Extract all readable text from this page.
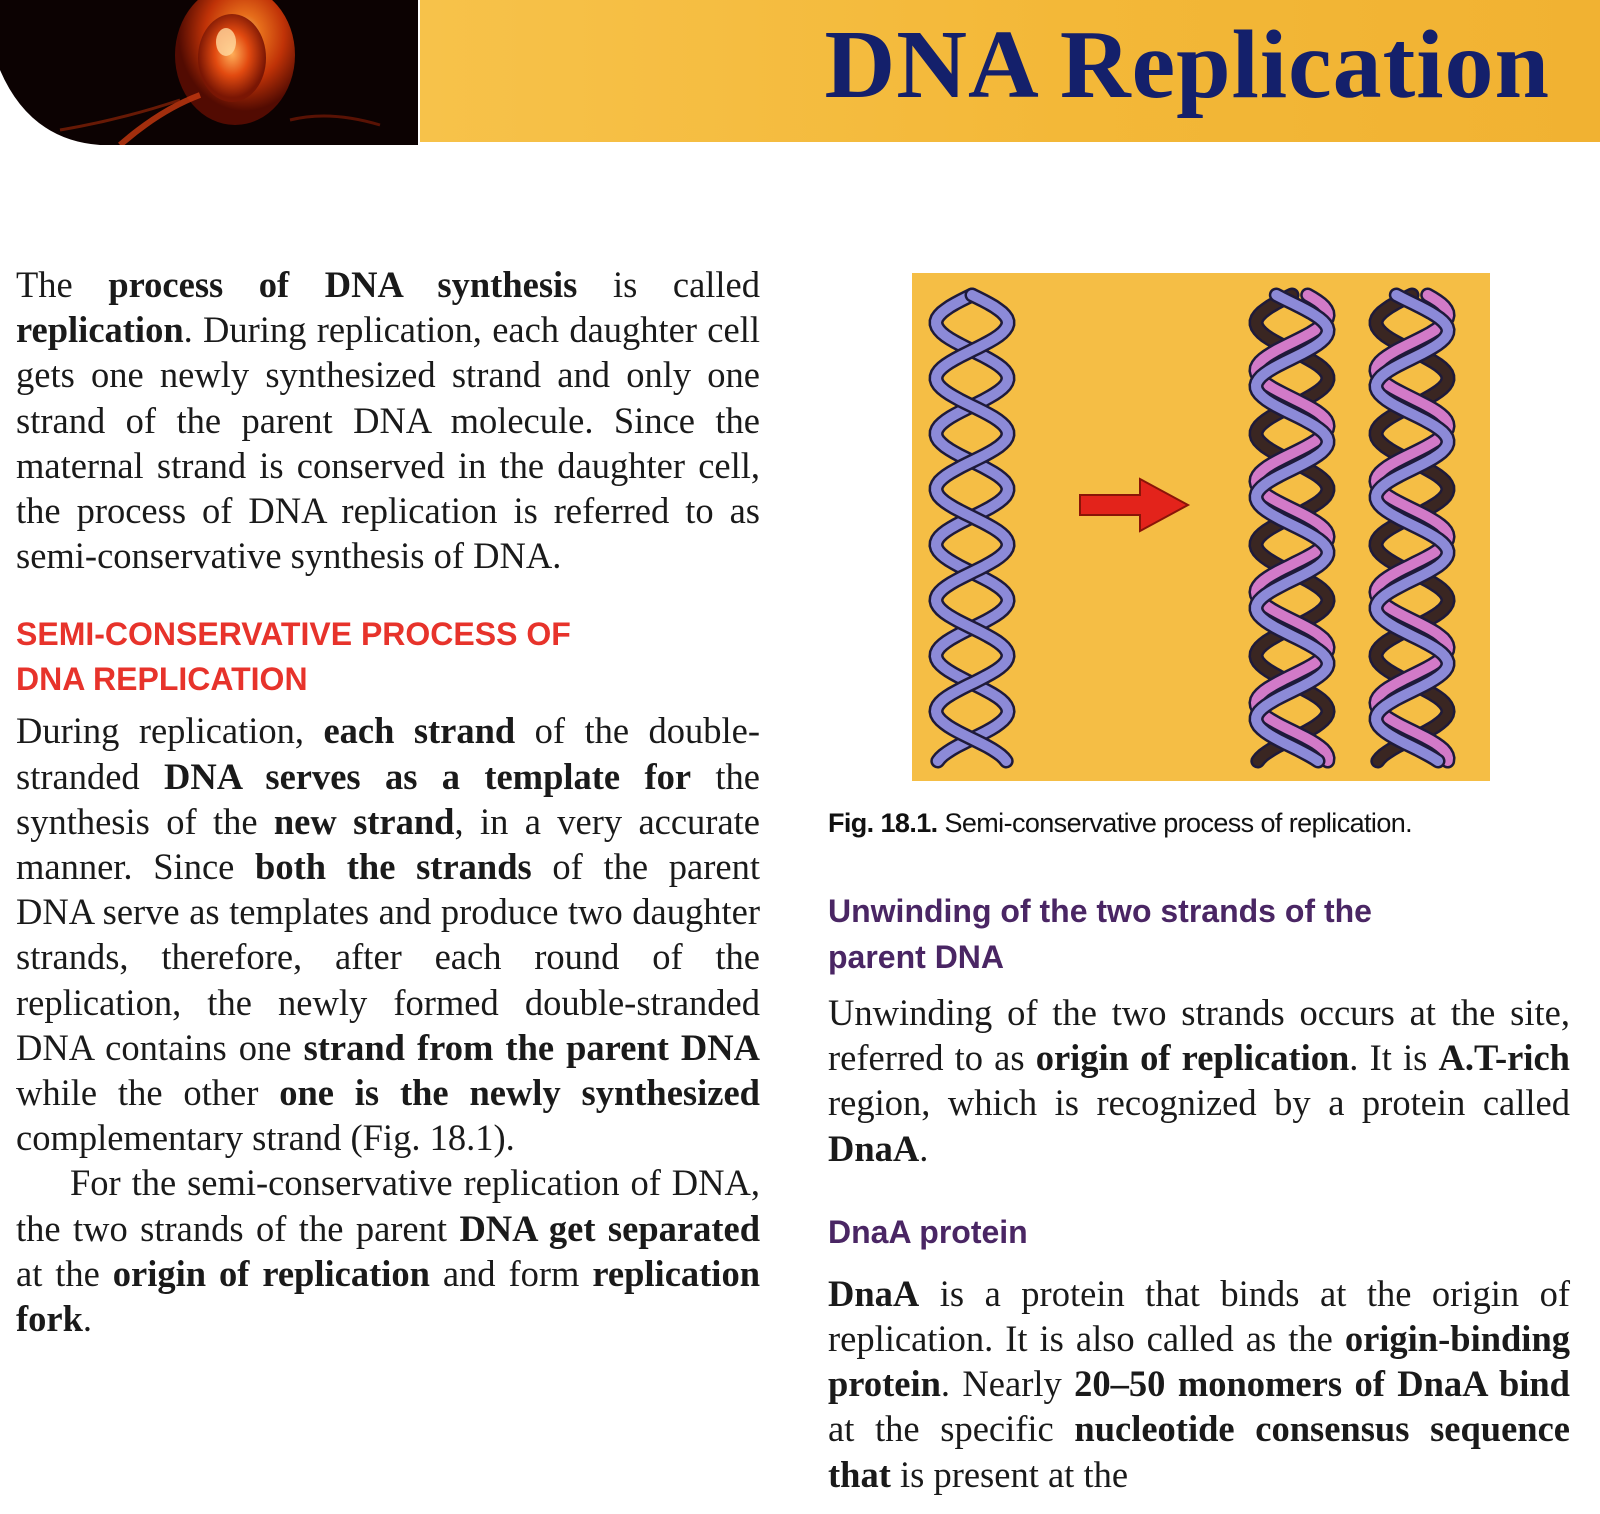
DNA Replication

The process of DNA synthesis is called replication. During replication, each daughter cell gets one newly synthesized strand and only one strand of the parent DNA molecule. Since the maternal strand is conserved in the daughter cell, the process of DNA replication is referred to as semi-conservative synthesis of DNA.

SEMI-CONSERVATIVE PROCESS OF
DNA REPLICATION

During replication, each strand of the double-stranded DNA serves as a template for the synthesis of the new strand, in a very accurate manner. Since both the strands of the parent DNA serve as templates and produce two daughter strands, therefore, after each round of the replication, the newly formed double-stranded DNA contains one strand from the parent DNA while the other one is the newly synthesized complementary strand (Fig. 18.1).

For the semi-conservative replication of DNA, the two strands of the parent DNA get separated at the origin of replication and form replication fork.

Fig. 18.1. Semi-conservative process of replication.

Unwinding of the two strands of the
parent DNA

Unwinding of the two strands occurs at the site, referred to as origin of replication. It is A.T-rich region, which is recognized by a protein called DnaA.

DnaA protein

DnaA is a protein that binds at the origin of replication. It is also called as the origin-binding protein. Nearly 20–50 monomers of DnaA bind at the specific nucleotide consensus sequence that is present at the
